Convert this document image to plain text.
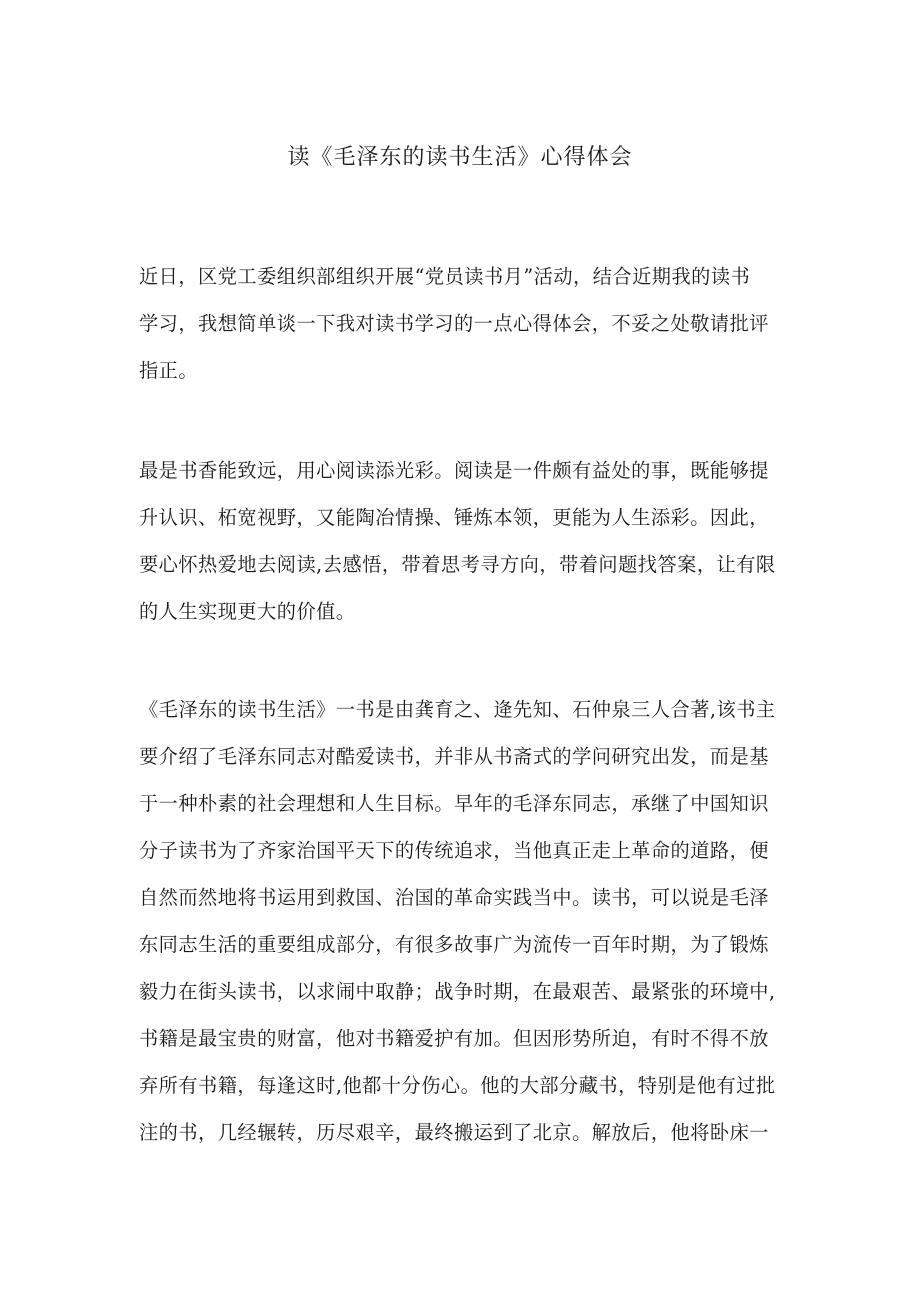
读《毛泽东的读书生活》心得体会
近日，区党工委组织部组织开展“党员读书月”活动，结合近期我的读书
学习，我想简单谈一下我对读书学习的一点心得体会，不妥之处敬请批评
指正。
最是书香能致远，用心阅读添光彩。阅读是一件颇有益处的事，既能够提
升认识、柘宽视野，又能陶冶情操、锤炼本领，更能为人生添彩。因此，
要心怀热爱地去阅读,去感悟，带着思考寻方向，带着问题找答案，让有限
的人生实现更大的价值。
《毛泽东的读书生活》一书是由龚育之、逄先知、石仲泉三人合著,该书主
要介绍了毛泽东同志对酷爱读书，并非从书斋式的学问研究出发，而是基
于一种朴素的社会理想和人生目标。早年的毛泽东同志，承继了中国知识
分子读书为了齐家治国平天下的传统追求，当他真正走上革命的道路，便
自然而然地将书运用到救国、治国的革命实践当中。读书，可以说是毛泽
东同志生活的重要组成部分，有很多故事广为流传一百年时期，为了锻炼
毅力在街头读书，以求闹中取静；战争时期，在最艰苦、最紧张的环境中,
书籍是最宝贵的财富，他对书籍爱护有加。但因形势所迫，有时不得不放
弃所有书籍，每逢这时,他都十分伤心。他的大部分藏书，特别是他有过批
注的书，几经辗转，历尽艰辛，最终搬运到了北京。解放后，他将卧床一
